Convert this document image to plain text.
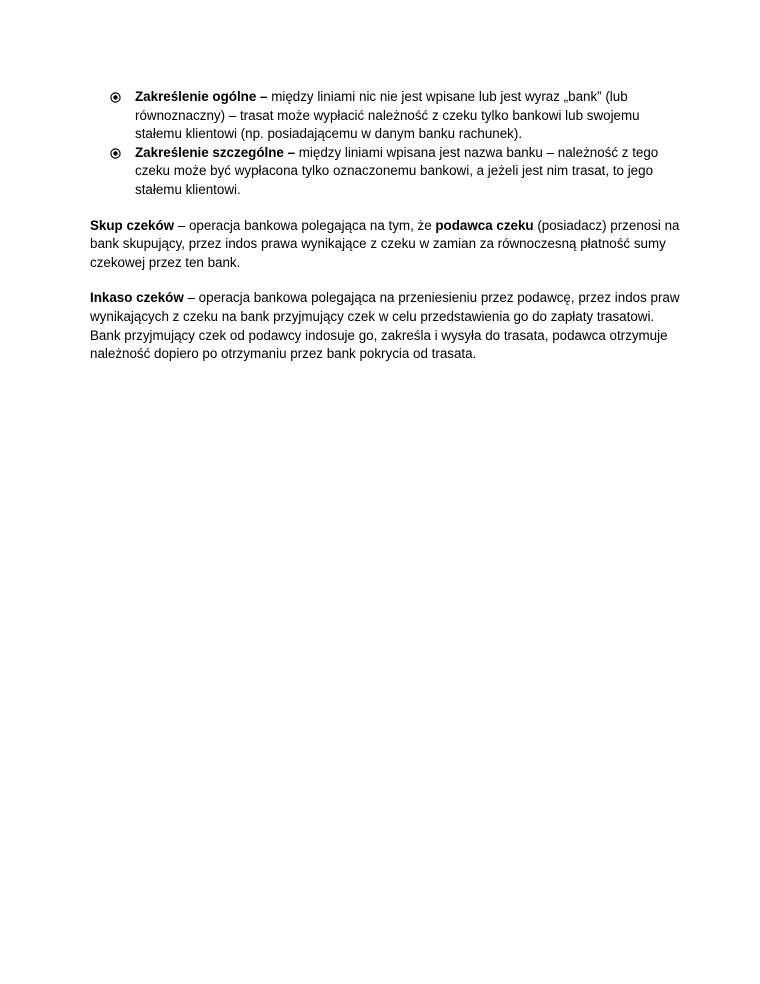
Zakreślenie ogólne – między liniami nic nie jest wpisane lub jest wyraz „bank” (lub równoznaczny) – trasat może wypłacić należność z czeku tylko bankowi lub swojemu stałemu klientowi (np. posiadającemu w danym banku rachunek).
Zakreślenie szczególne – między liniami wpisana jest nazwa banku – należność z tego czeku może być wypłacona tylko oznaczonemu bankowi, a jeżeli jest nim trasat, to jego stałemu klientowi.

Skup czeków – operacja bankowa polegająca na tym, że podawca czeku (posiadacz) przenosi na bank skupujący, przez indos prawa wynikające z czeku w zamian za równoczesną płatność sumy czekowej przez ten bank.

Inkaso czeków – operacja bankowa polegająca na przeniesieniu przez podawcę, przez indos praw wynikających z czeku na bank przyjmujący czek w celu przedstawienia go do zapłaty trasatowi. Bank przyjmujący czek od podawcy indosuje go, zakreśla i wysyła do trasata, podawca otrzymuje należność dopiero po otrzymaniu przez bank pokrycia od trasata.
